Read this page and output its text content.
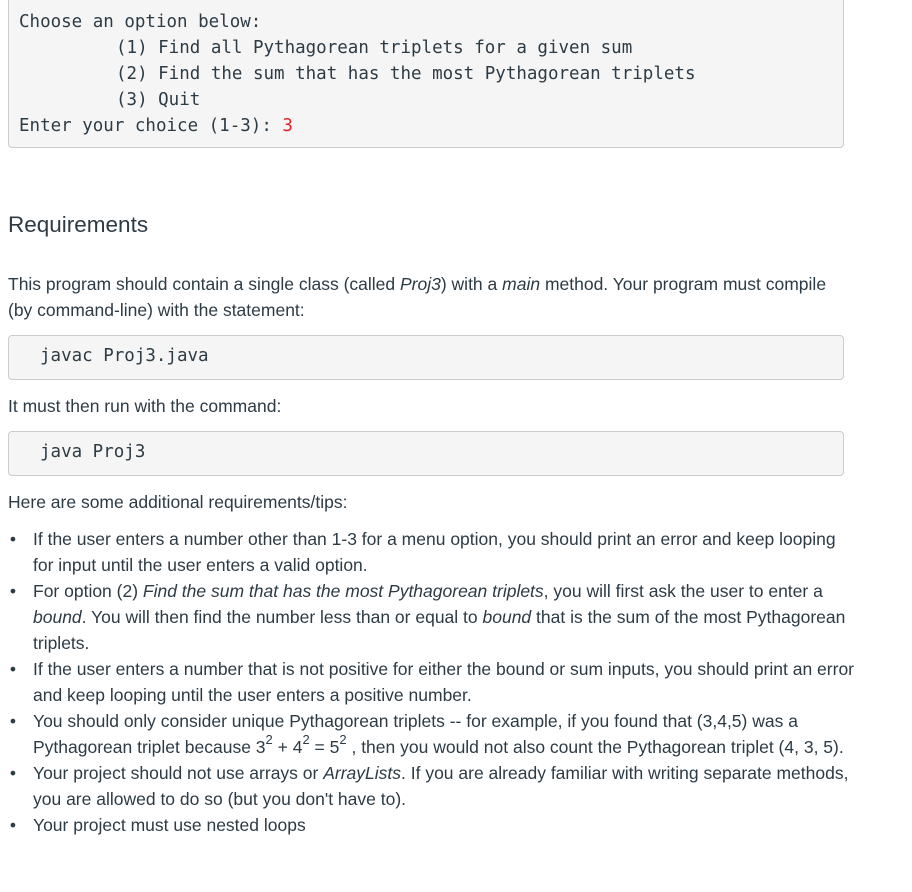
Choose an option below:
(1) Find all Pythagorean triplets for a given sum
(2) Find the sum that has the most Pythagorean triplets
(3) Quit
Enter your choice (1-3): 3
Requirements

This program should contain a single class (called Proj3) with a main method. Your program must compile (by command-line) with the statement:

javac Proj3.java

It must then run with the command:

java Proj3

Here are some additional requirements/tips:

• If the user enters a number other than 1-3 for a menu option, you should print an error and keep looping for input until the user enters a valid option.
• For option (2) Find the sum that has the most Pythagorean triplets, you will first ask the user to enter a bound. You will then find the number less than or equal to bound that is the sum of the most Pythagorean triplets.
• If the user enters a number that is not positive for either the bound or sum inputs, you should print an error and keep looping until the user enters a positive number.
• You should only consider unique Pythagorean triplets -- for example, if you found that (3,4,5) was a Pythagorean triplet because $3^2 + 4^2 = 5^2$ , then you would not also count the Pythagorean triplet (4, 3, 5).
• Your project should not use arrays or ArrayLists. If you are already familiar with writing separate methods, you are allowed to do so (but you don't have to).
• Your project must use nested loops
